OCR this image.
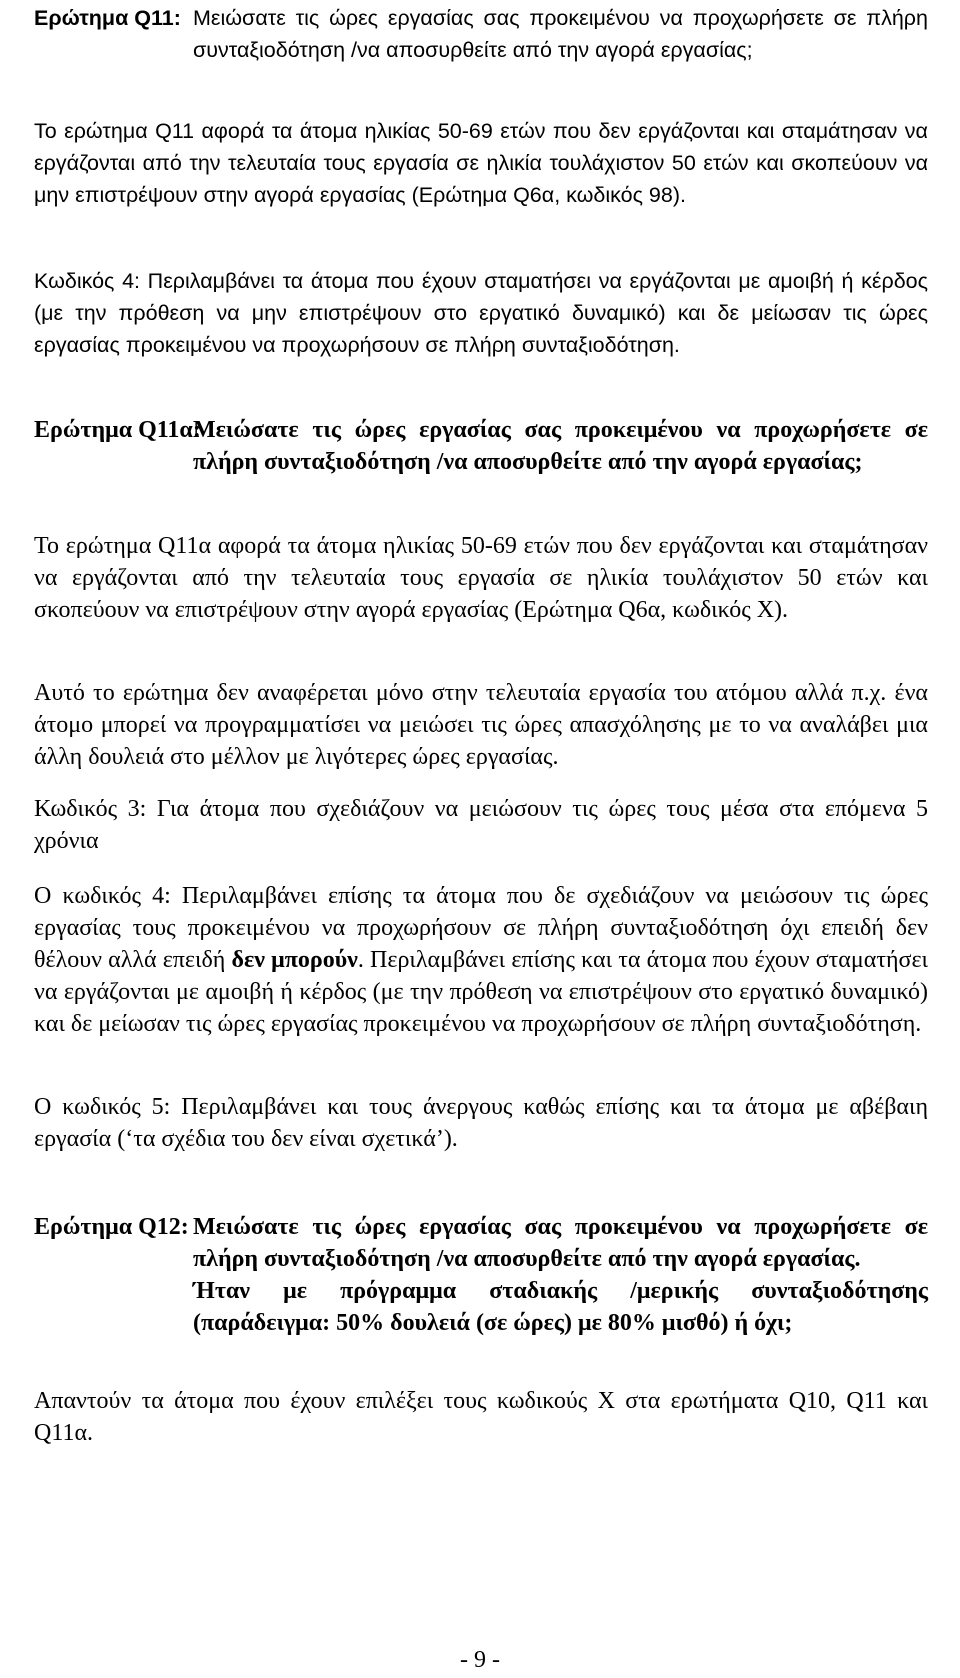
Ερώτημα Q11: Μειώσατε τις ώρες εργασίας σας προκειμένου να προχωρήσετε σε πλήρη συνταξιοδότηση /να αποσυρθείτε από την αγορά εργασίας;
Το ερώτημα Q11 αφορά τα άτομα ηλικίας 50-69 ετών που δεν εργάζονται και σταμάτησαν να εργάζονται από την τελευταία τους εργασία σε ηλικία τουλάχιστον 50 ετών και σκοπεύουν να μην επιστρέψουν στην αγορά εργασίας (Ερώτημα Q6α, κωδικός 98).
Κωδικός 4: Περιλαμβάνει τα άτομα που έχουν σταματήσει να εργάζονται με αμοιβή ή κέρδος (με την πρόθεση να μην επιστρέψουν στο εργατικό δυναμικό) και δε μείωσαν τις ώρες εργασίας προκειμένου να προχωρήσουν σε πλήρη συνταξιοδότηση.
Ερώτημα Q11α:
Μειώσατε τις ώρες εργασίας σας προκειμένου να προχωρήσετε σε πλήρη συνταξιοδότηση /να αποσυρθείτε από την αγορά εργασίας;
Το ερώτημα Q11α αφορά τα άτομα ηλικίας 50-69 ετών που δεν εργάζονται και σταμάτησαν να εργάζονται από την τελευταία τους εργασία σε ηλικία τουλάχιστον 50 ετών και σκοπεύουν να επιστρέψουν στην αγορά εργασίας (Ερώτημα Q6α, κωδικός Χ).
Αυτό το ερώτημα δεν αναφέρεται μόνο στην τελευταία εργασία του ατόμου αλλά π.χ. ένα άτομο μπορεί να προγραμματίσει να μειώσει τις ώρες απασχόλησης με το να αναλάβει μια άλλη δουλειά στο μέλλον με λιγότερες ώρες εργασίας.
Κωδικός 3: Για άτομα που σχεδιάζουν να μειώσουν τις ώρες τους μέσα στα επόμενα 5 χρόνια
Ο κωδικός 4: Περιλαμβάνει επίσης τα άτομα που δε σχεδιάζουν να μειώσουν τις ώρες εργασίας τους προκειμένου να προχωρήσουν σε πλήρη συνταξιοδότηση όχι επειδή δεν θέλουν αλλά επειδή δεν μπορούν. Περιλαμβάνει επίσης και τα άτομα που έχουν σταματήσει να εργάζονται με αμοιβή ή κέρδος (με την πρόθεση να επιστρέψουν στο εργατικό δυναμικό) και δε μείωσαν τις ώρες εργασίας προκειμένου να προχωρήσουν σε πλήρη συνταξιοδότηση.
Ο κωδικός 5: Περιλαμβάνει και τους άνεργους καθώς επίσης και τα άτομα με αβέβαιη εργασία (‘τα σχέδια του δεν είναι σχετικά’).
Ερώτημα Q12: Μειώσατε τις ώρες εργασίας σας προκειμένου να προχωρήσετε σε πλήρη συνταξιοδότηση /να αποσυρθείτε από την αγορά εργασίας.
Ήταν με πρόγραμμα σταδιακής /μερικής συνταξιοδότησης (παράδειγμα: 50% δουλειά (σε ώρες) με 80% μισθό) ή όχι;
Απαντούν τα άτομα που έχουν επιλέξει τους κωδικούς Χ στα ερωτήματα Q10, Q11 και Q11α.
- 9 -
